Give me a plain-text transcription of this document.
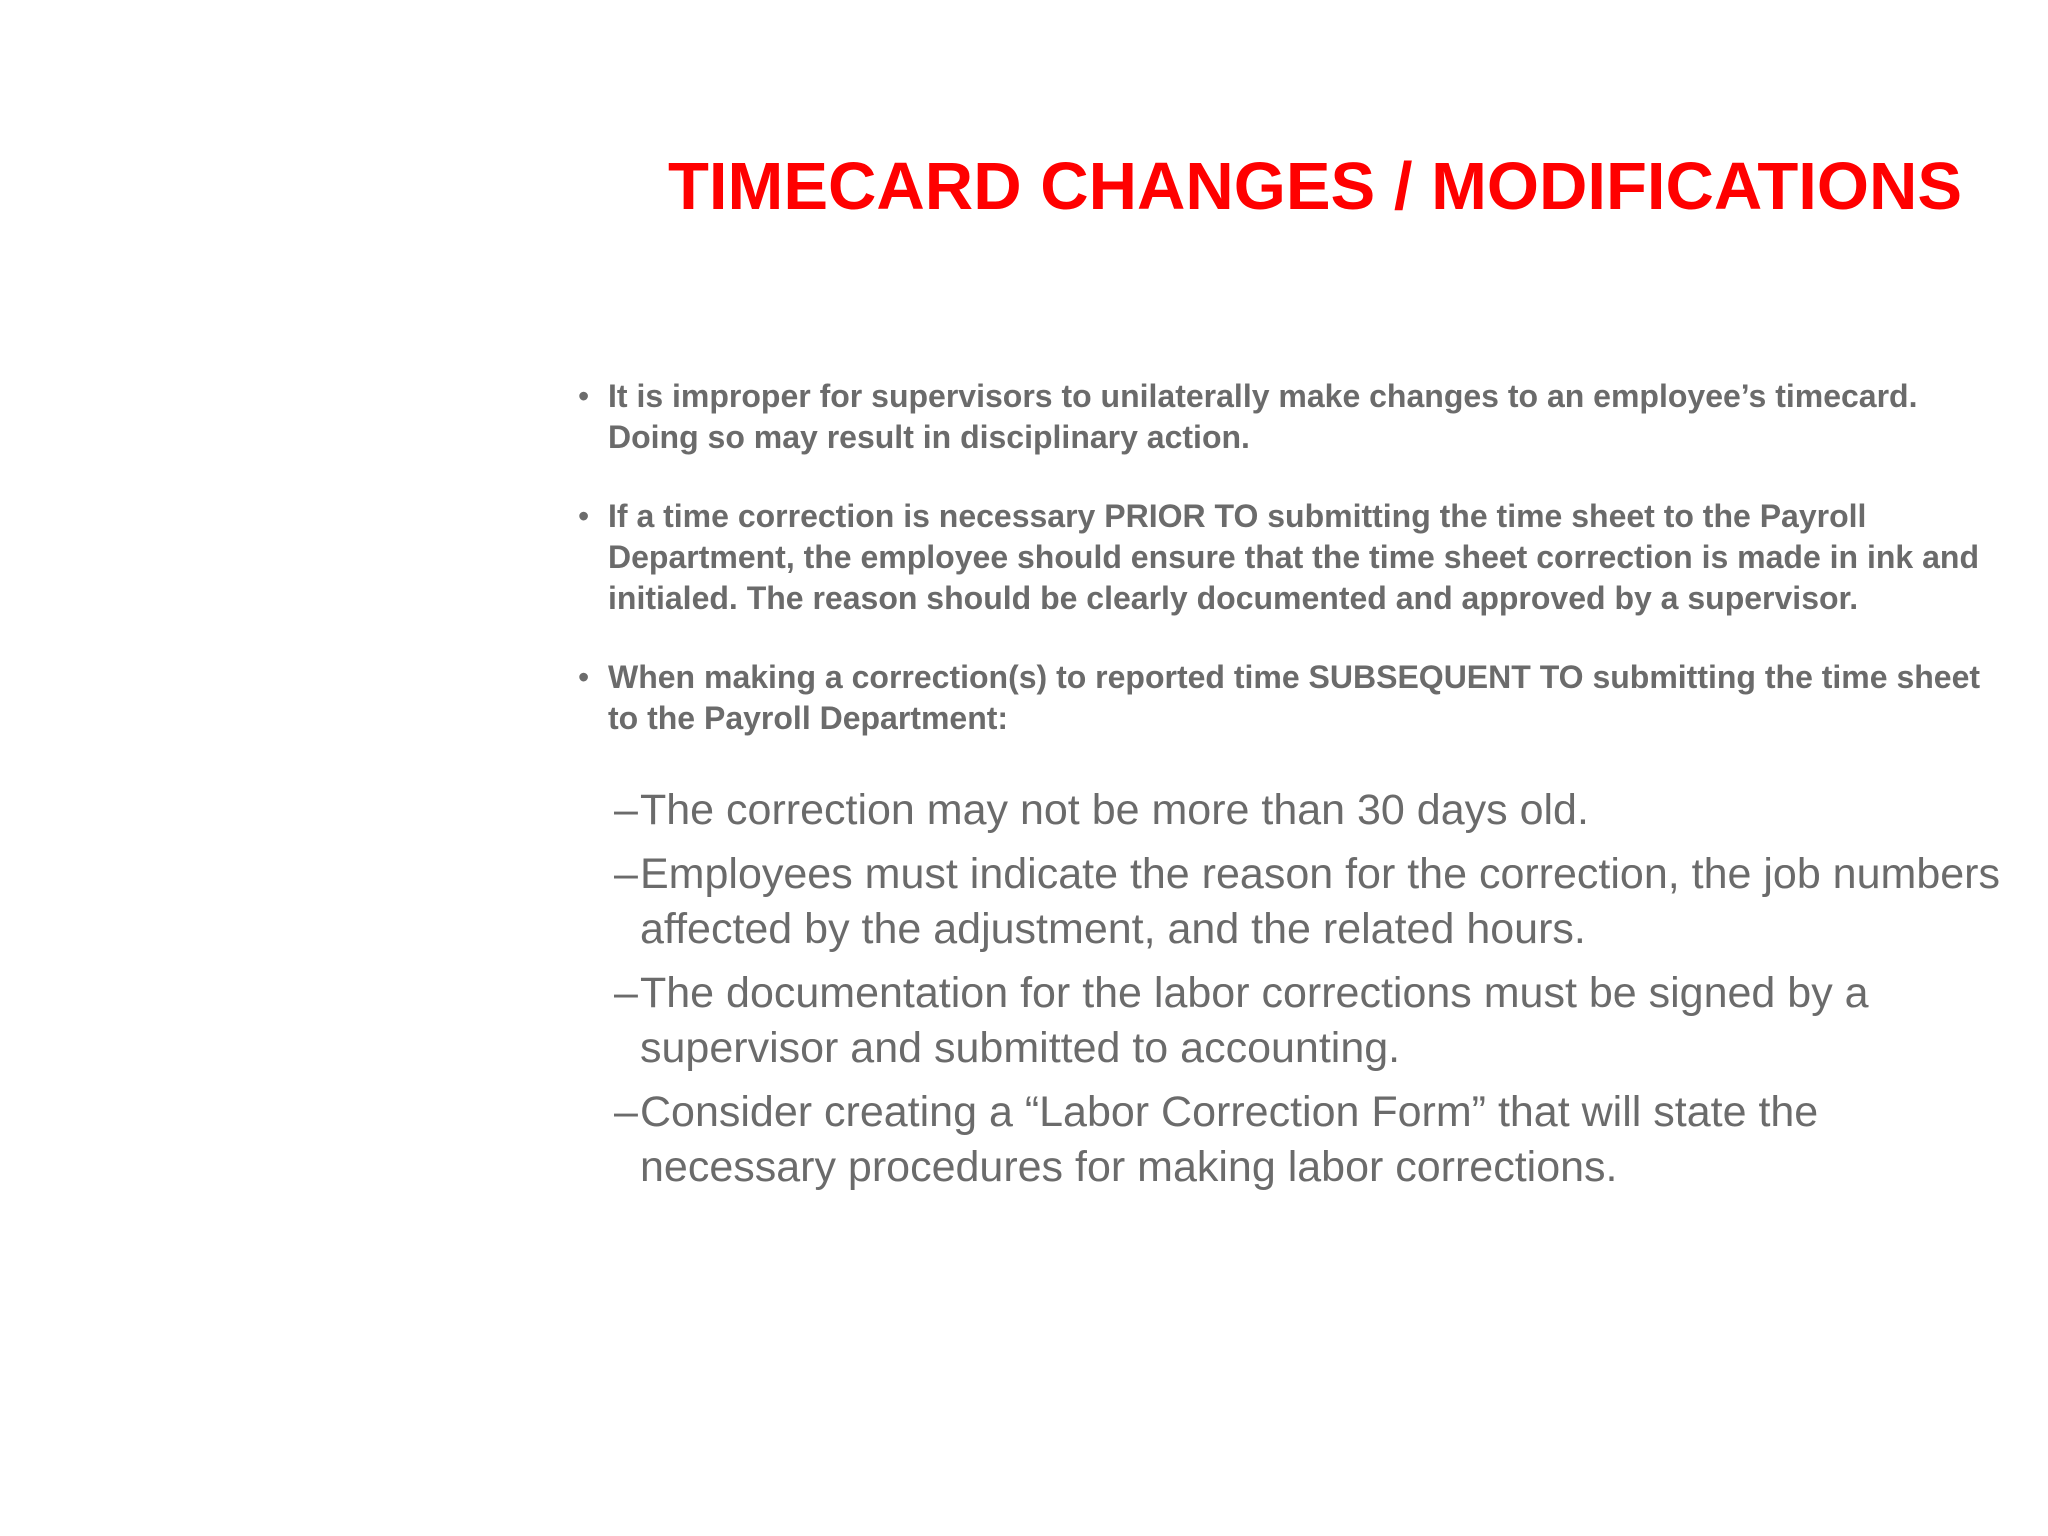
TIMECARD CHANGES / MODIFICATIONS
• It is improper for supervisors to unilaterally make changes to an employee’s timecard. Doing so may result in disciplinary action.
• If a time correction is necessary PRIOR TO submitting the time sheet to the Payroll Department, the employee should ensure that the time sheet correction is made in ink and initialed. The reason should be clearly documented and approved by a supervisor.
• When making a correction(s) to reported time SUBSEQUENT TO submitting the time sheet to the Payroll Department:
– The correction may not be more than 30 days old.
– Employees must indicate the reason for the correction, the job numbers affected by the adjustment, and the related hours.
– The documentation for the labor corrections must be signed by a supervisor and submitted to accounting.
– Consider creating a “Labor Correction Form” that will state the necessary procedures for making labor corrections.
